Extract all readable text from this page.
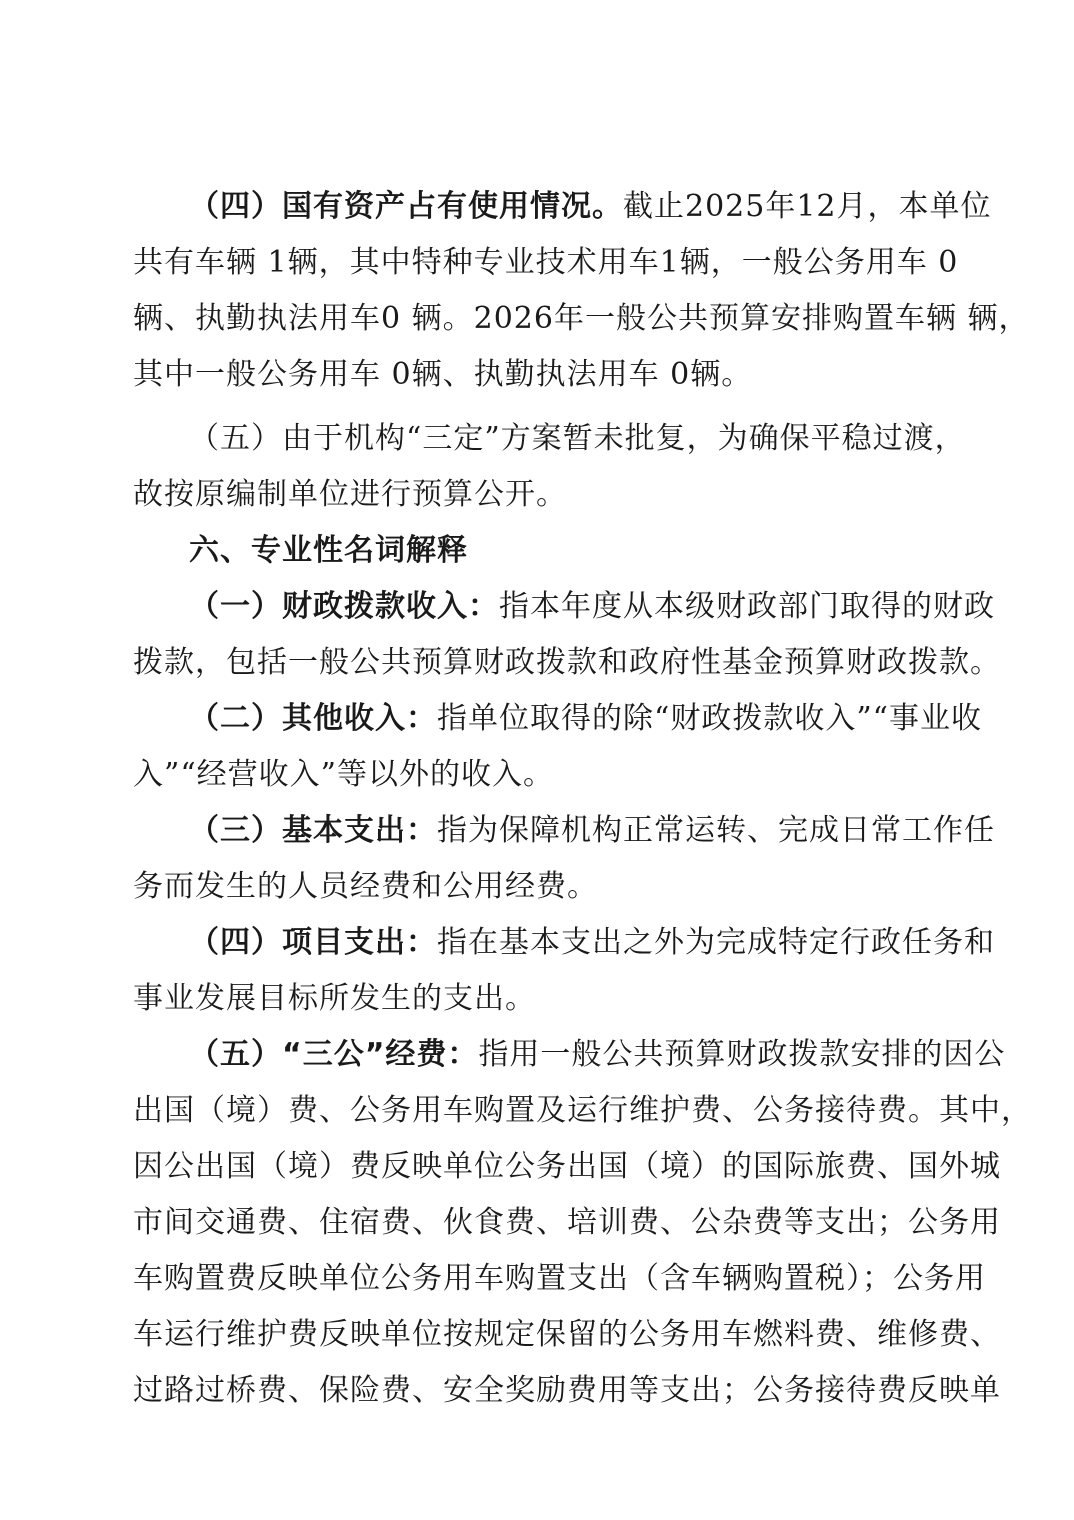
（四）国有资产占有使用情况。截止2025年12月，本单位
共有车辆 1辆，其中特种专业技术用车1辆，一般公务用车 0
辆、执勤执法用车0 辆。2026年一般公共预算安排购置车辆 辆，
其中一般公务用车 0辆、执勤执法用车 0辆。
（五）由于机构“三定”方案暂未批复，为确保平稳过渡，
故按原编制单位进行预算公开。
六、专业性名词解释
（一）财政拨款收入：指本年度从本级财政部门取得的财政
拨款，包括一般公共预算财政拨款和政府性基金预算财政拨款。
（二）其他收入：指单位取得的除“财政拨款收入”“事业收
入”“经营收入”等以外的收入。
（三）基本支出：指为保障机构正常运转、完成日常工作任
务而发生的人员经费和公用经费。
（四）项目支出：指在基本支出之外为完成特定行政任务和
事业发展目标所发生的支出。
（五）“三公”经费：指用一般公共预算财政拨款安排的因公
出国（境）费、公务用车购置及运行维护费、公务接待费。其中，
因公出国（境）费反映单位公务出国（境）的国际旅费、国外城
市间交通费、住宿费、伙食费、培训费、公杂费等支出；公务用
车购置费反映单位公务用车购置支出（含车辆购置税）；公务用
车运行维护费反映单位按规定保留的公务用车燃料费、维修费、
过路过桥费、保险费、安全奖励费用等支出；公务接待费反映单
